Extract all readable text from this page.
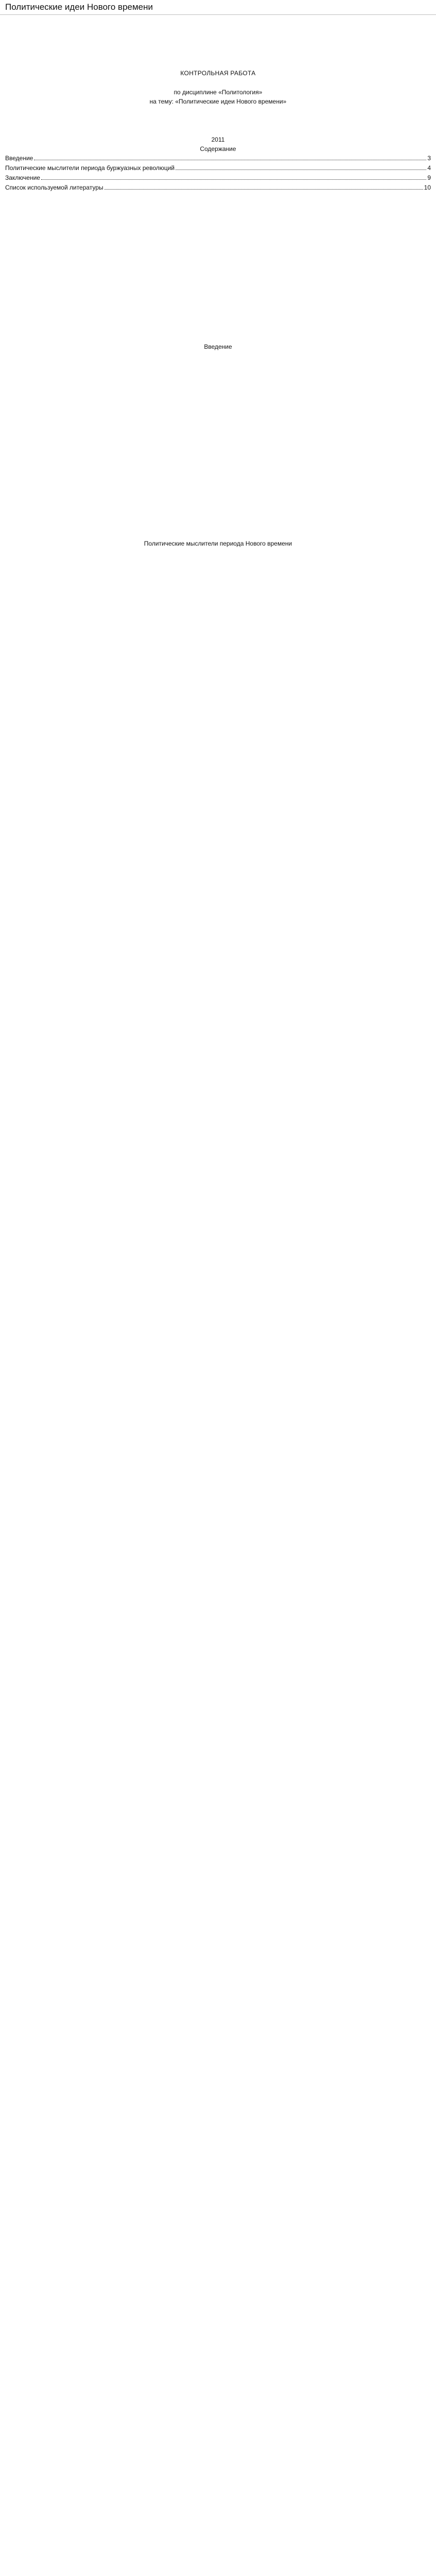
Политические идеи Нового времени
КОНТРОЛЬНАЯ РАБОТА
по дисциплине «Политология»
на тему: «Политические идеи Нового времени»
2011
Содержание
Введение	3
Политические мыслители периода буржуазных революций	4
Заключение	9
Список используемой литературы	10
Введение
Политические мыслители периода Нового времени
